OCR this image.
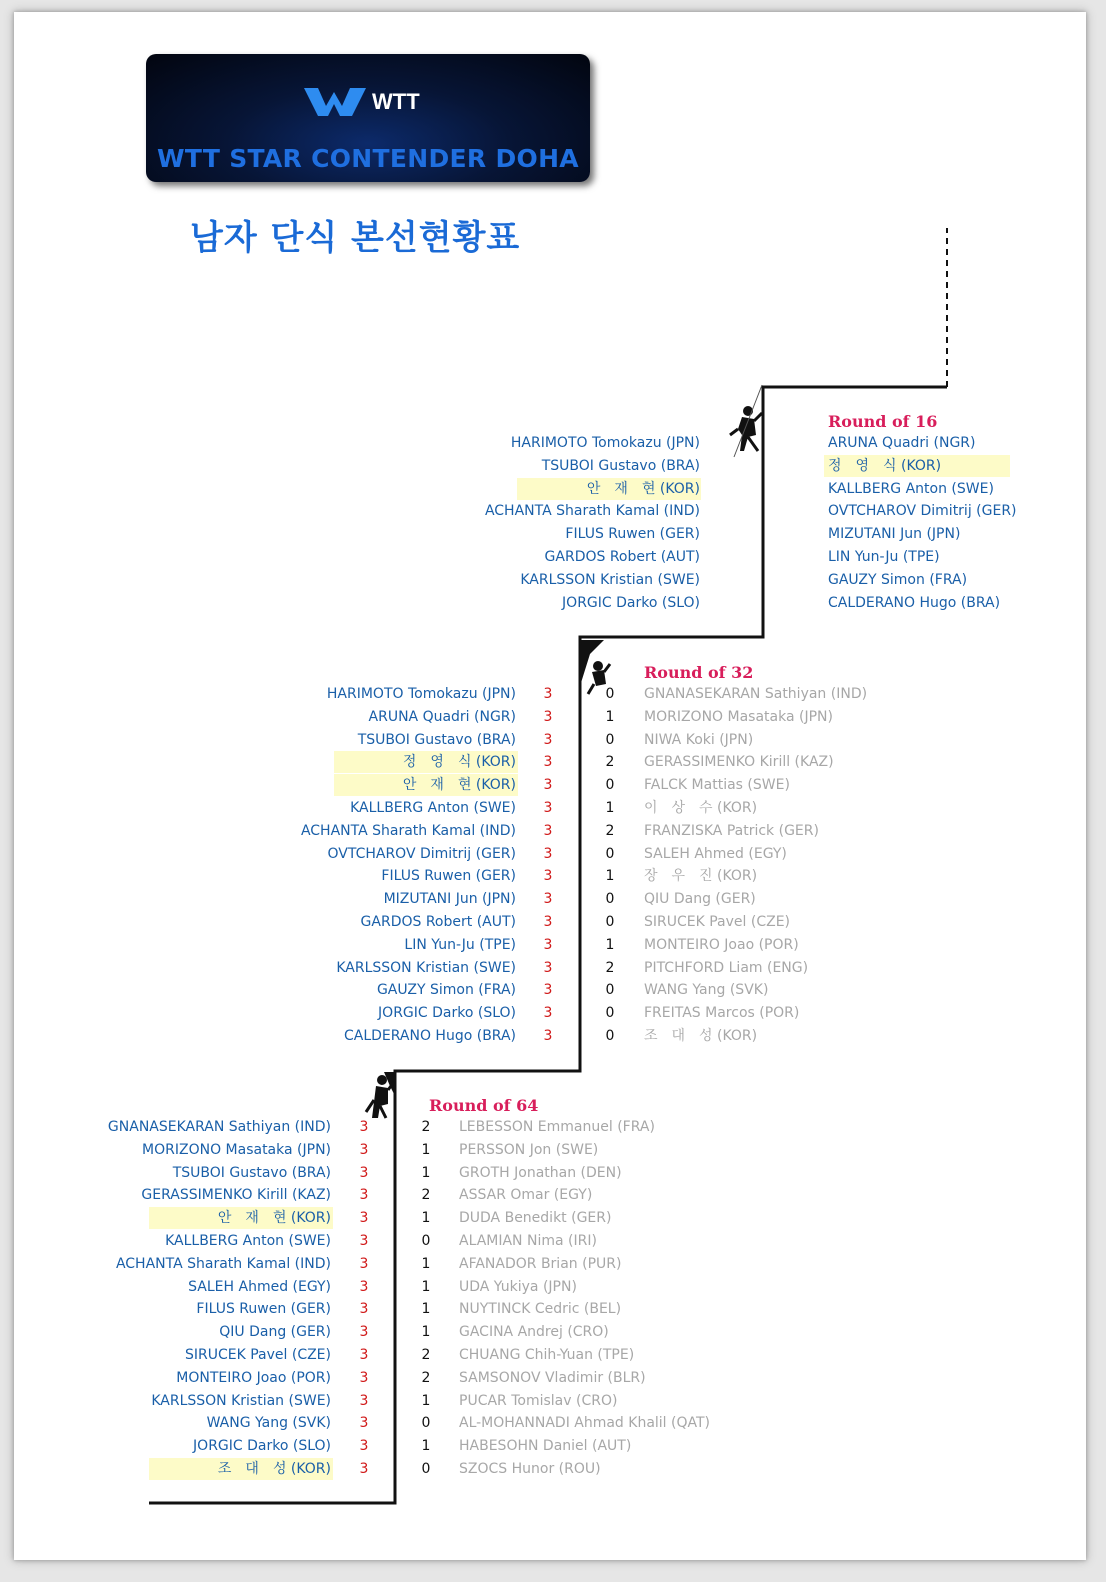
WTT
WTT STAR CONTENDER DOHA
남자 단식 본선현황표
Round of 16
Round of 32
Round of 64
HARIMOTO Tomokazu (JPN)
TSUBOI Gustavo (BRA)
안　재　현 (KOR)
ACHANTA Sharath Kamal (IND)
FILUS Ruwen (GER)
GARDOS Robert (AUT)
KARLSSON Kristian (SWE)
JORGIC Darko (SLO)
ARUNA Quadri (NGR)
정　영　식 (KOR)
KALLBERG Anton (SWE)
OVTCHAROV Dimitrij (GER)
MIZUTANI Jun (JPN)
LIN Yun-Ju (TPE)
GAUZY Simon (FRA)
CALDERANO Hugo (BRA)
HARIMOTO Tomokazu (JPN) 3	0 GNANASEKARAN Sathiyan (IND)
ARUNA Quadri (NGR) 3	1 MORIZONO Masataka (JPN)
TSUBOI Gustavo (BRA) 3	0 NIWA Koki (JPN)
정　영　식 (KOR) 3	2 GERASSIMENKO Kirill (KAZ)
안　재　현 (KOR) 3	0 FALCK Mattias (SWE)
KALLBERG Anton (SWE) 3	1 이　상　수 (KOR)
ACHANTA Sharath Kamal (IND) 3	2 FRANZISKA Patrick (GER)
OVTCHAROV Dimitrij (GER) 3	0 SALEH Ahmed (EGY)
FILUS Ruwen (GER) 3	1 장　우　진 (KOR)
MIZUTANI Jun (JPN) 3	0 QIU Dang (GER)
GARDOS Robert (AUT) 3	0 SIRUCEK Pavel (CZE)
LIN Yun-Ju (TPE) 3	1 MONTEIRO Joao (POR)
KARLSSON Kristian (SWE) 3	2 PITCHFORD Liam (ENG)
GAUZY Simon (FRA) 3	0 WANG Yang (SVK)
JORGIC Darko (SLO) 3	0 FREITAS Marcos (POR)
CALDERANO Hugo (BRA) 3	0 조　대　성 (KOR)
GNANASEKARAN Sathiyan (IND) 3	2 LEBESSON Emmanuel (FRA)
MORIZONO Masataka (JPN) 3	1 PERSSON Jon (SWE)
TSUBOI Gustavo (BRA) 3	1 GROTH Jonathan (DEN)
GERASSIMENKO Kirill (KAZ) 3	2 ASSAR Omar (EGY)
안　재　현 (KOR) 3	1 DUDA Benedikt (GER)
KALLBERG Anton (SWE) 3	0 ALAMIAN Nima (IRI)
ACHANTA Sharath Kamal (IND) 3	1 AFANADOR Brian (PUR)
SALEH Ahmed (EGY) 3	1 UDA Yukiya (JPN)
FILUS Ruwen (GER) 3	1 NUYTINCK Cedric (BEL)
QIU Dang (GER) 3	1 GACINA Andrej (CRO)
SIRUCEK Pavel (CZE) 3	2 CHUANG Chih-Yuan (TPE)
MONTEIRO Joao (POR) 3	2 SAMSONOV Vladimir (BLR)
KARLSSON Kristian (SWE) 3	1 PUCAR Tomislav (CRO)
WANG Yang (SVK) 3	0 AL-MOHANNADI Ahmad Khalil (QAT)
JORGIC Darko (SLO) 3	1 HABESOHN Daniel (AUT)
조　대　성 (KOR) 3	0 SZOCS Hunor (ROU)
